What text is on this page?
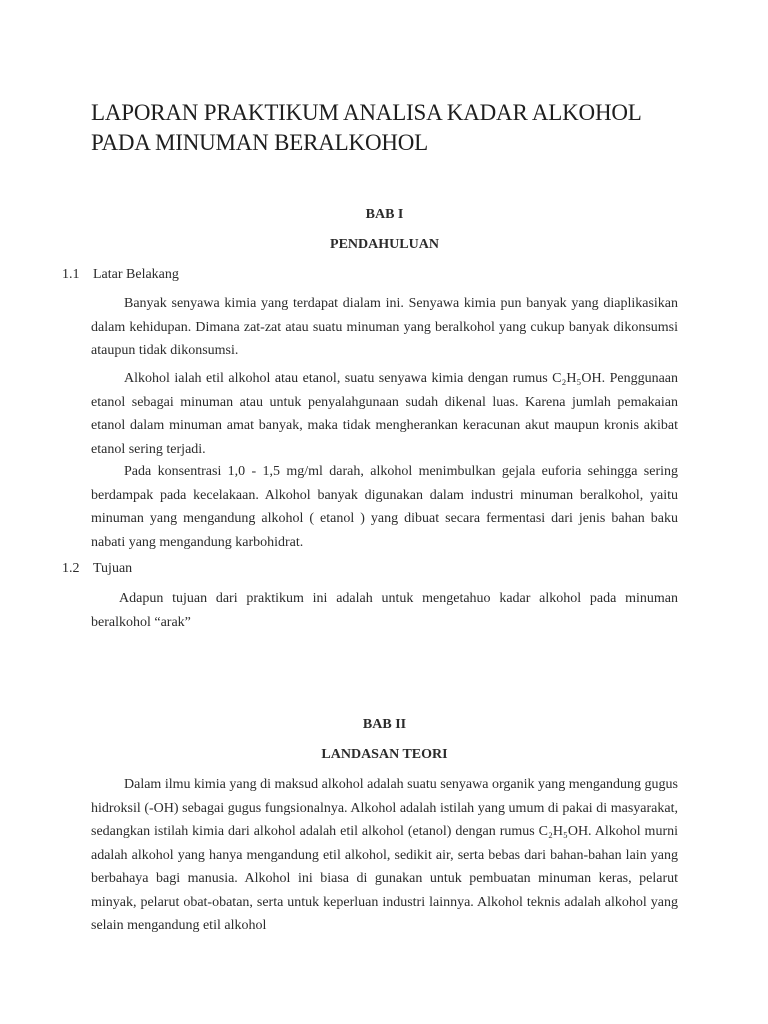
LAPORAN PRAKTIKUM ANALISA KADAR ALKOHOL PADA MINUMAN BERALKOHOL
BAB I
PENDAHULUAN
1.1 Latar Belakang

Banyak senyawa kimia yang terdapat dialam ini. Senyawa kimia pun banyak yang diaplikasikan dalam kehidupan. Dimana zat-zat atau suatu minuman yang beralkohol yang cukup banyak dikonsumsi ataupun tidak dikonsumsi.

Alkohol ialah etil alkohol atau etanol, suatu senyawa kimia dengan rumus C₂H₅OH. Penggunaan etanol sebagai minuman atau untuk penyalahgunaan sudah dikenal luas. Karena jumlah pemakaian etanol dalam minuman amat banyak, maka tidak mengherankan keracunan akut maupun kronis akibat etanol sering terjadi.

Pada konsentrasi 1,0 - 1,5 mg/ml darah, alkohol menimbulkan gejala euforia sehingga sering berdampak pada kecelakaan. Alkohol banyak digunakan dalam industri minuman beralkohol, yaitu minuman yang mengandung alkohol ( etanol ) yang dibuat secara fermentasi dari jenis bahan baku nabati yang mengandung karbohidrat.

1.2 Tujuan

Adapun tujuan dari praktikum ini adalah untuk mengetahuo kadar alkohol pada minuman beralkohol “arak”

BAB II
LANDASAN TEORI

Dalam ilmu kimia yang di maksud alkohol adalah suatu senyawa organik yang mengandung gugus hidroksil (-OH) sebagai gugus fungsionalnya. Alkohol adalah istilah yang umum di pakai di masyarakat, sedangkan istilah kimia dari alkohol adalah etil alkohol (etanol) dengan rumus C₂H₅OH. Alkohol murni adalah alkohol yang hanya mengandung etil alkohol, sedikit air, serta bebas dari bahan-bahan lain yang berbahaya bagi manusia. Alkohol ini biasa di gunakan untuk pembuatan minuman keras, pelarut minyak, pelarut obat-obatan, serta untuk keperluan industri lainnya. Alkohol teknis adalah alkohol yang selain mengandung etil alkohol
